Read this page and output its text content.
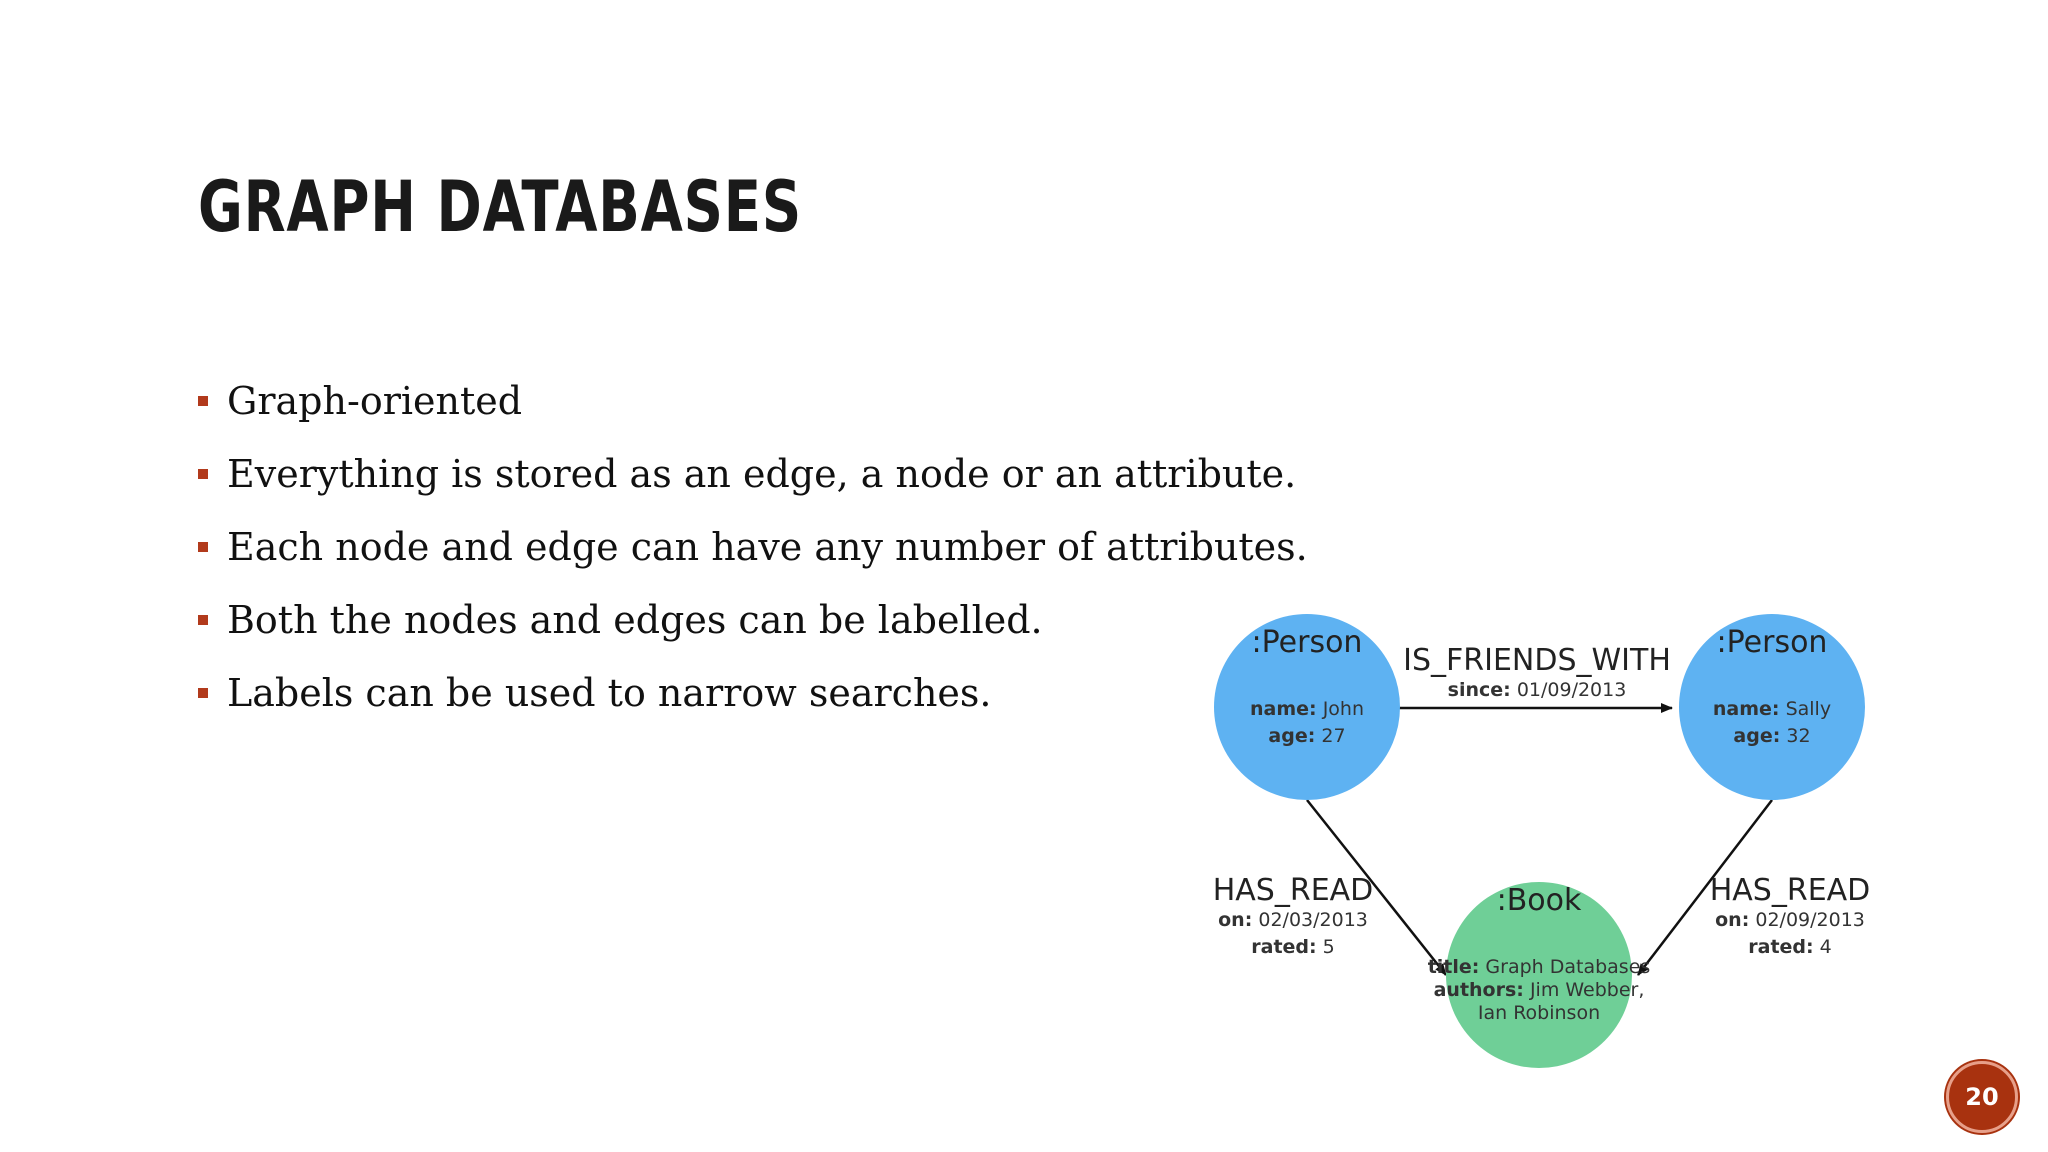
GRAPH DATABASES
Graph-oriented
Everything is stored as an edge, a node or an attribute.
Each node and edge can have any number of attributes.
Both the nodes and edges can be labelled.
Labels can be used to narrow searches.
:Person
name: John
age: 27
:Person
name: Sally
age: 32
:Book
title: Graph Databases
authors: Jim Webber,
Ian Robinson
IS_FRIENDS_WITH
since: 01/09/2013
HAS_READ
on: 02/03/2013
rated: 5
HAS_READ
on: 02/09/2013
rated: 4
20
